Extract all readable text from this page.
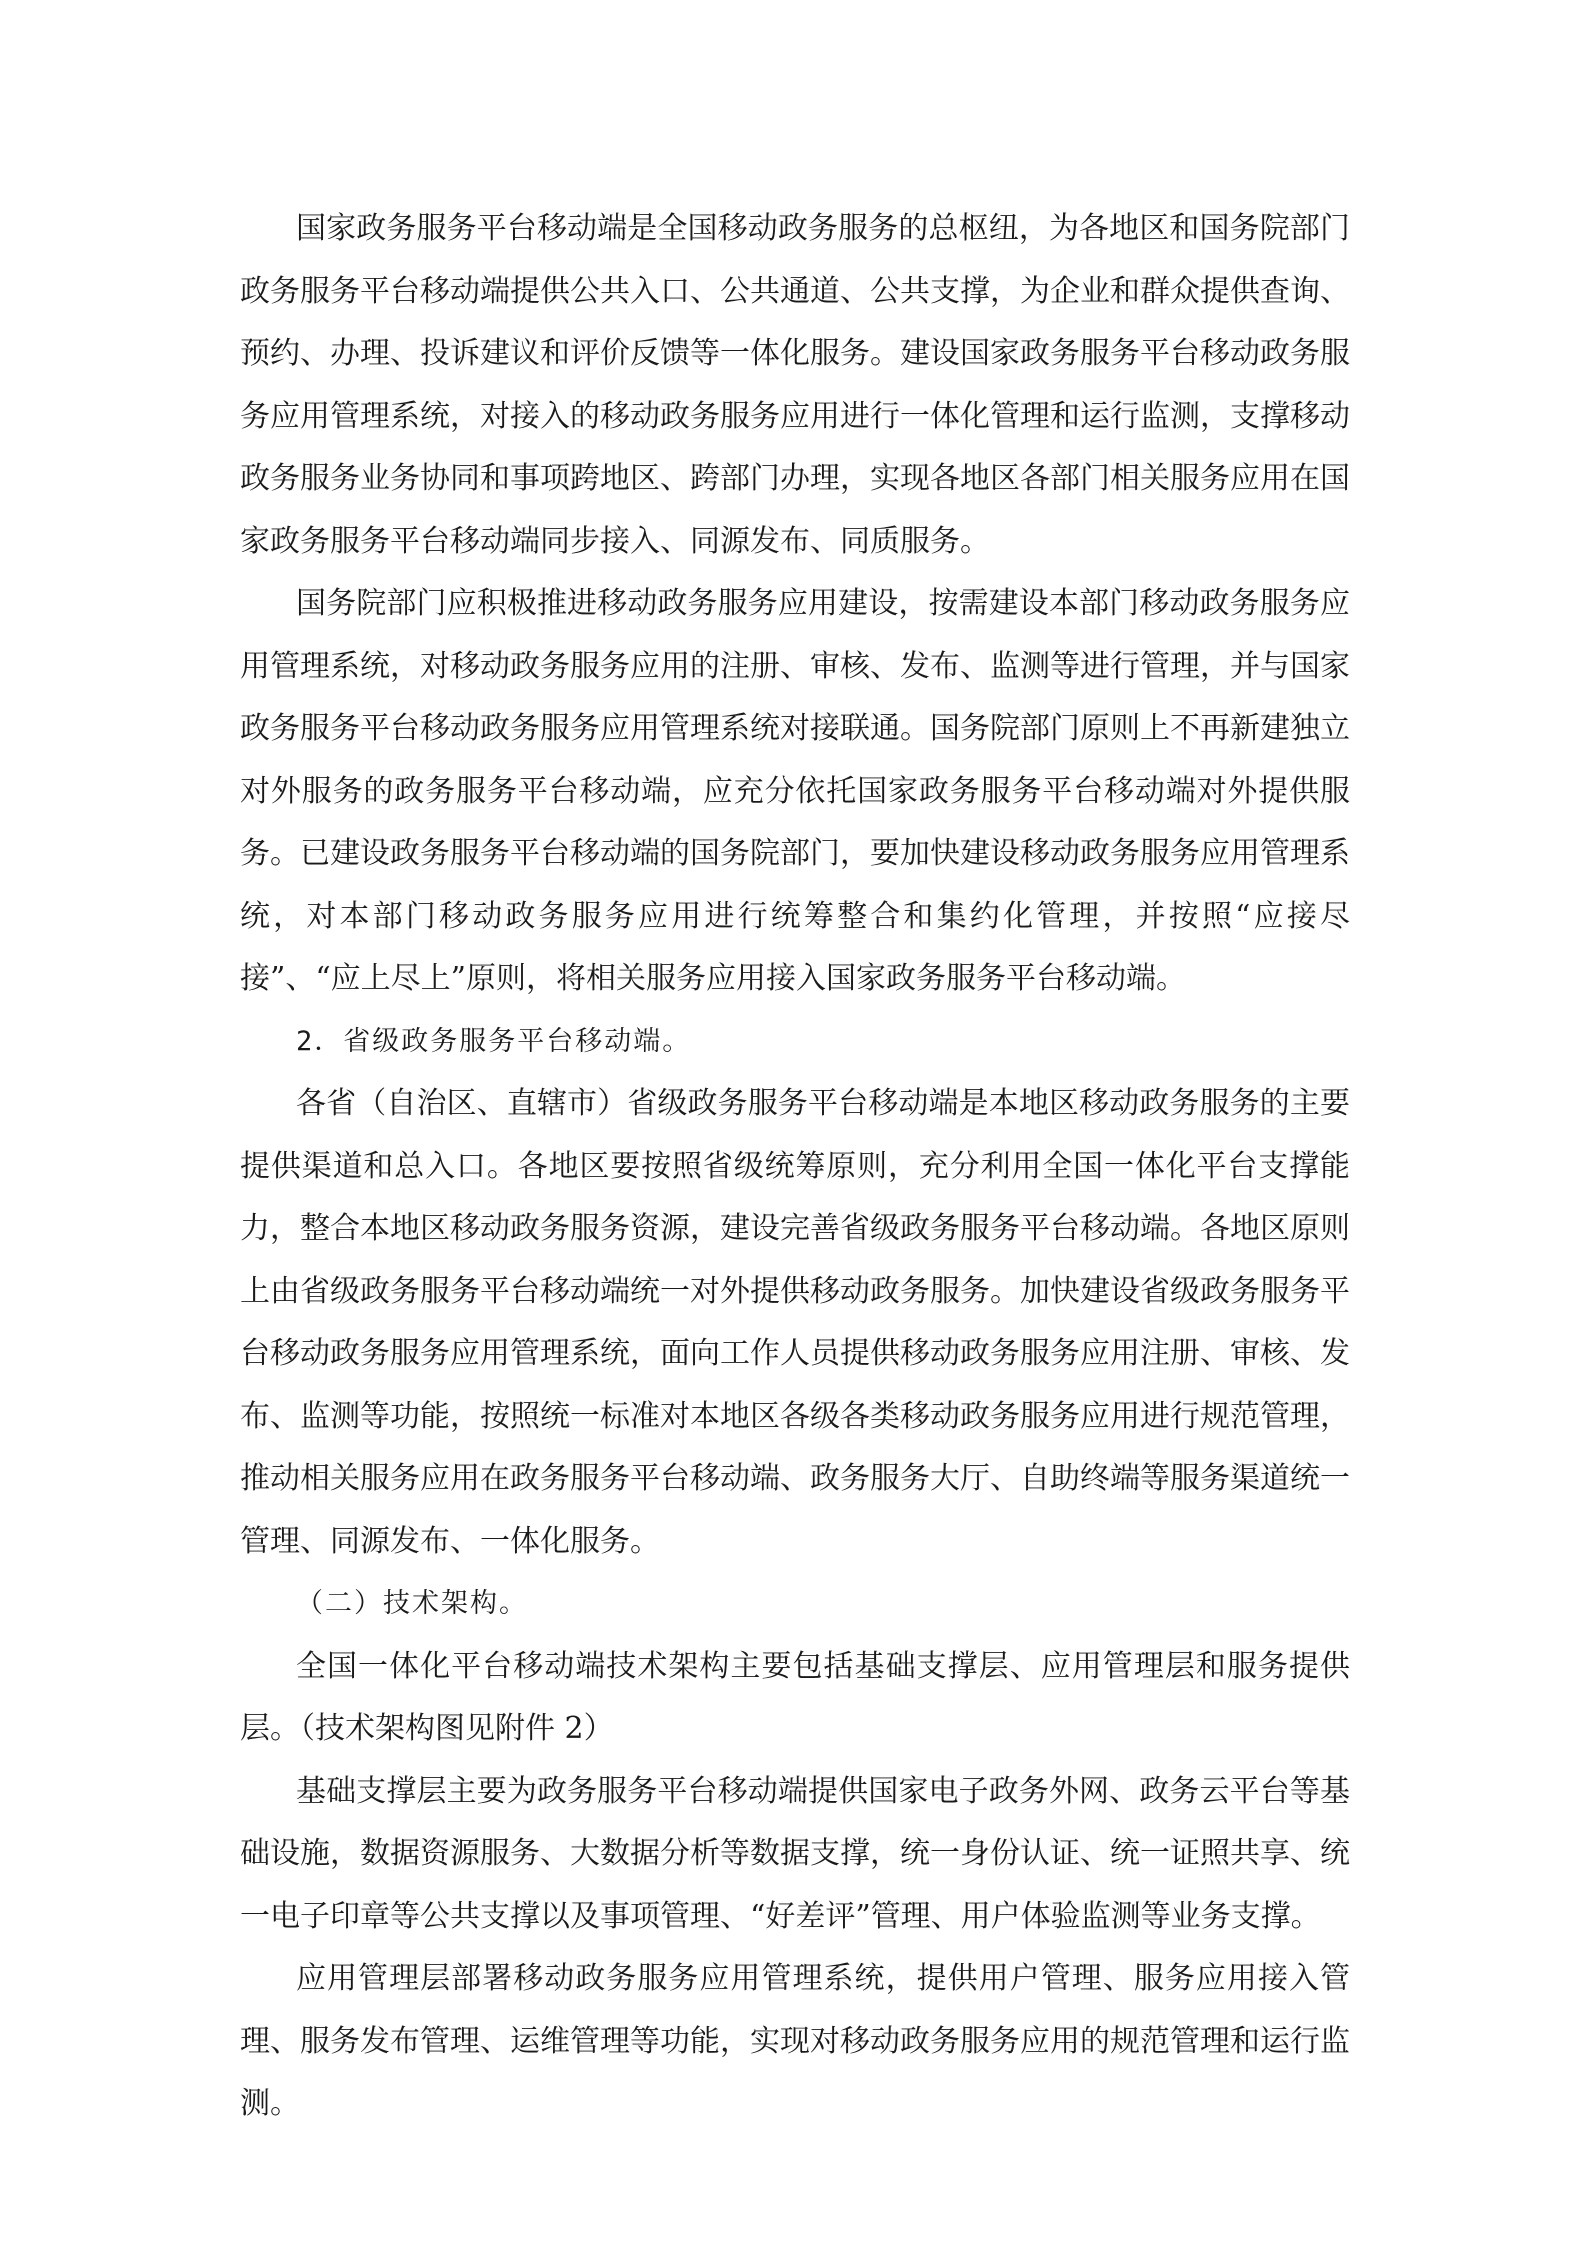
国家政务服务平台移动端是全国移动政务服务的总枢纽，为各地区和国务院部门政务服务平台移动端提供公共入口、公共通道、公共支撑，为企业和群众提供查询、预约、办理、投诉建议和评价反馈等一体化服务。建设国家政务服务平台移动政务服务应用管理系统，对接入的移动政务服务应用进行一体化管理和运行监测，支撑移动政务服务业务协同和事项跨地区、跨部门办理，实现各地区各部门相关服务应用在国家政务服务平台移动端同步接入、同源发布、同质服务。

国务院部门应积极推进移动政务服务应用建设，按需建设本部门移动政务服务应用管理系统，对移动政务服务应用的注册、审核、发布、监测等进行管理，并与国家政务服务平台移动政务服务应用管理系统对接联通。国务院部门原则上不再新建独立对外服务的政务服务平台移动端，应充分依托国家政务服务平台移动端对外提供服务。已建设政务服务平台移动端的国务院部门，要加快建设移动政务服务应用管理系统，对本部门移动政务服务应用进行统筹整合和集约化管理，并按照“应接尽接”、“应上尽上”原则，将相关服务应用接入国家政务服务平台移动端。

2．省级政务服务平台移动端。

各省（自治区、直辖市）省级政务服务平台移动端是本地区移动政务服务的主要提供渠道和总入口。各地区要按照省级统筹原则，充分利用全国一体化平台支撑能力，整合本地区移动政务服务资源，建设完善省级政务服务平台移动端。各地区原则上由省级政务服务平台移动端统一对外提供移动政务服务。加快建设省级政务服务平台移动政务服务应用管理系统，面向工作人员提供移动政务服务应用注册、审核、发布、监测等功能，按照统一标准对本地区各级各类移动政务服务应用进行规范管理，推动相关服务应用在政务服务平台移动端、政务服务大厅、自助终端等服务渠道统一管理、同源发布、一体化服务。

（二）技术架构。

全国一体化平台移动端技术架构主要包括基础支撑层、应用管理层和服务提供层。（技术架构图见附件 2）

基础支撑层主要为政务服务平台移动端提供国家电子政务外网、政务云平台等基础设施，数据资源服务、大数据分析等数据支撑，统一身份认证、统一证照共享、统一电子印章等公共支撑以及事项管理、“好差评”管理、用户体验监测等业务支撑。

应用管理层部署移动政务服务应用管理系统，提供用户管理、服务应用接入管理、服务发布管理、运维管理等功能，实现对移动政务服务应用的规范管理和运行监测。
